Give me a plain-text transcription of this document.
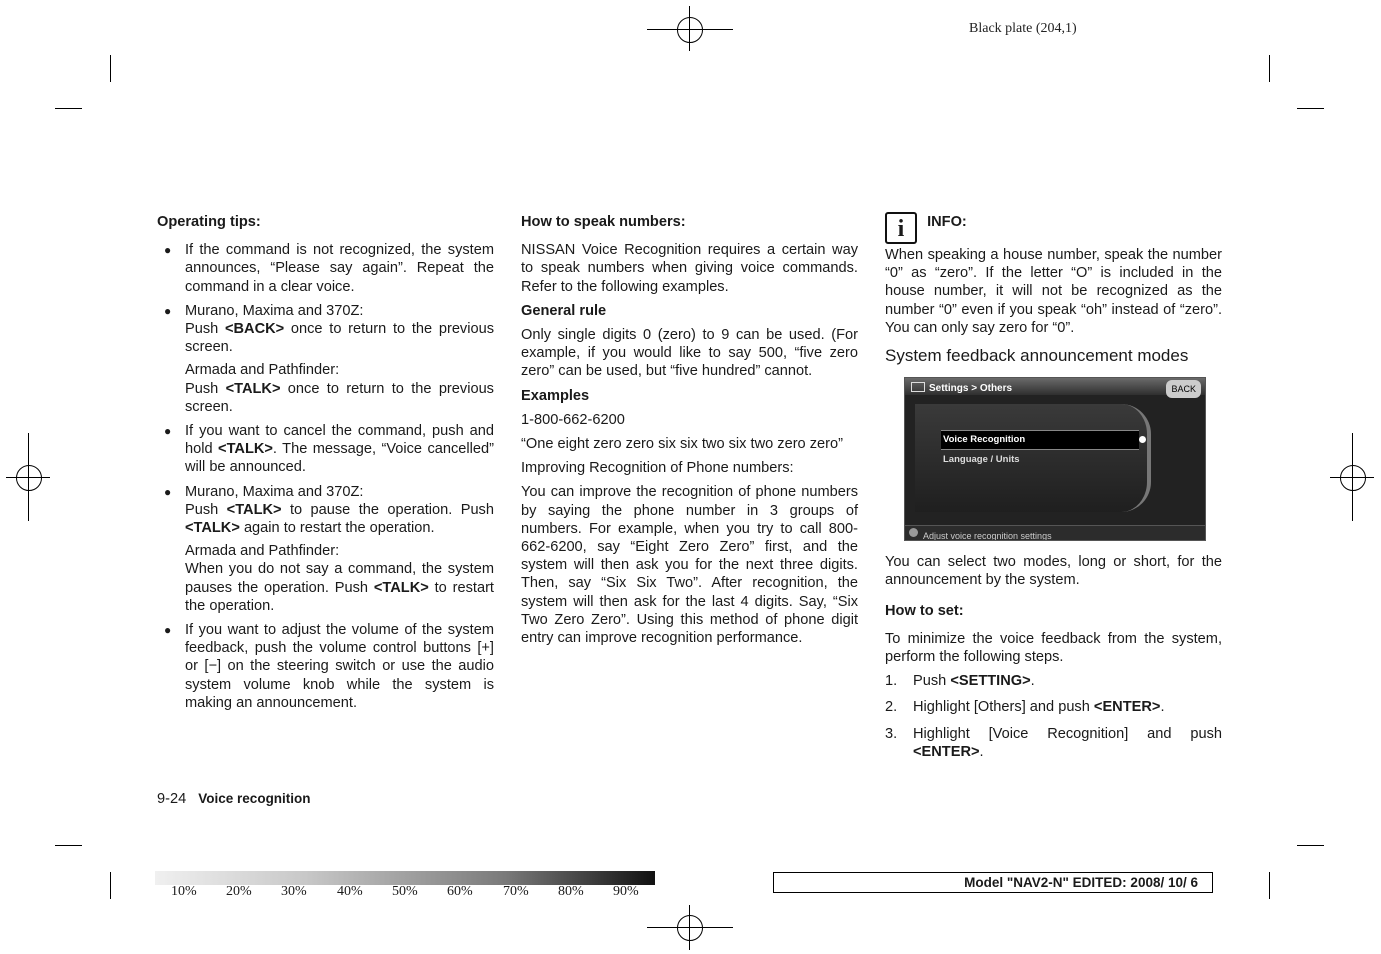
Black plate (204,1)
Operating tips:
● If the command is not recognized, the system announces, “Please say again”. Repeat the command in a clear voice.
● Murano, Maxima and 370Z:
Push <BACK> once to return to the previous screen.
Armada and Pathfinder:
Push <TALK> once to return to the previous screen.
● If you want to cancel the command, push and hold <TALK>. The message, “Voice cancelled” will be announced.
● Murano, Maxima and 370Z:
Push <TALK> to pause the operation. Push <TALK> again to restart the operation.
Armada and Pathfinder:
When you do not say a command, the system pauses the operation. Push <TALK> to restart the operation.
● If you want to adjust the volume of the system feedback, push the volume control buttons [+] or [−] on the steering switch or use the audio system volume knob while the system is making an announcement.
How to speak numbers:

NISSAN Voice Recognition requires a certain way to speak numbers when giving voice commands. Refer to the following examples.

General rule

Only single digits 0 (zero) to 9 can be used. (For example, if you would like to say 500, “five zero zero” can be used, but “five hundred” cannot.

Examples

1-800-662-6200

“One eight zero zero six six two six two zero zero”

Improving Recognition of Phone numbers:

You can improve the recognition of phone numbers by saying the phone number in 3 groups of numbers. For example, when you try to call 800-662-6200, say “Eight Zero Zero” first, and the system will then ask you for the next three digits. Then, say “Six Six Two”. After recognition, the system will then ask for the last 4 digits. Say, “Six Two Zero Zero”. Using this method of phone digit entry can improve recognition performance.

i	INFO:

When speaking a house number, speak the number “0” as “zero”. If the letter “O” is included in the house number, it will not be recognized as the number “0” even if you speak “oh” instead of “zero”. You can only say zero for “0”.

System feedback announcement modes
Settings > Others	BACK
Voice Recognition
Language / Units
Adjust voice recognition settings

You can select two modes, long or short, for the announcement by the system.

How to set:

To minimize the voice feedback from the system, perform the following steps.

1. Push <SETTING>.
2. Highlight [Others] and push <ENTER>.
3. Highlight [Voice Recognition] and push <ENTER>.
9-24 Voice recognition
10% 20% 30% 40% 50% 60% 70% 80% 90%
Model "NAV2-N" EDITED: 2008/ 10/ 6
